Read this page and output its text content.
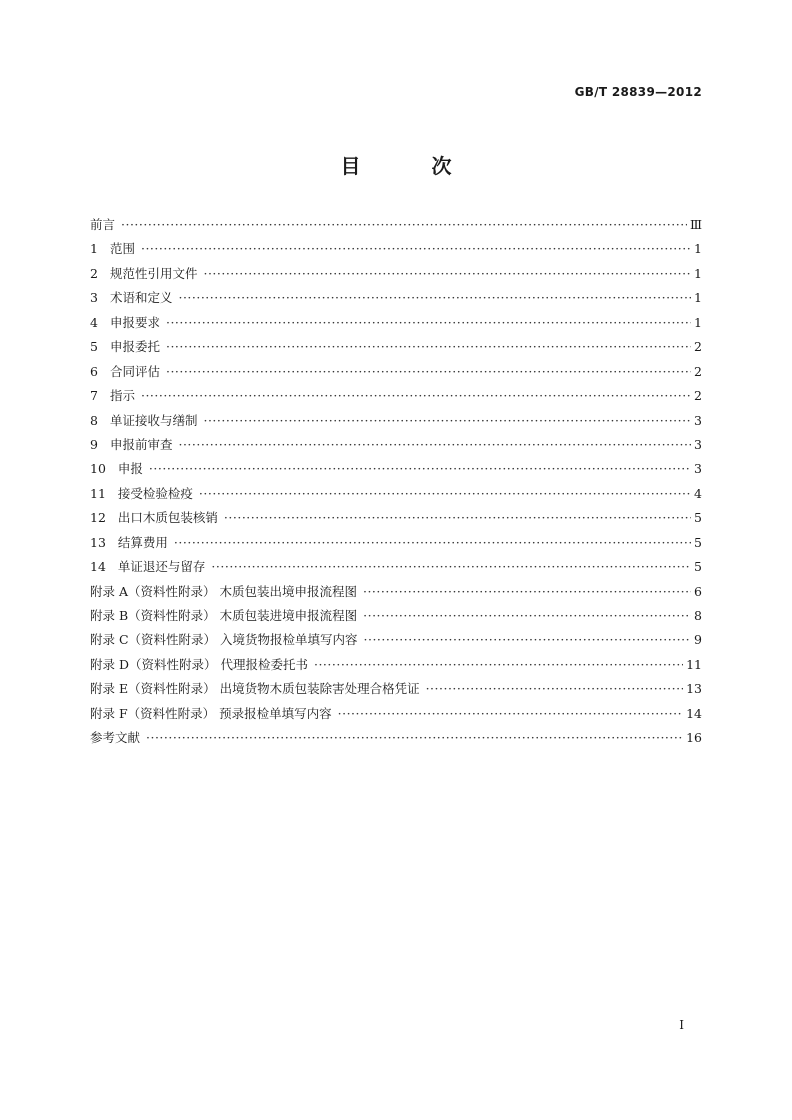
GB/T 28839—2012
目 次
前言 ·····	Ⅲ
1 范围 ·····	1
2 规范性引用文件 ·····	1
3 术语和定义 ·····	1
4 申报要求 ·····	1
5 申报委托 ·····	2
6 合同评估 ·····	2
7 指示 ·····	2
8 单证接收与缮制 ·····	3
9 申报前审查 ·····	3
10 申报 ·····	3
11 接受检验检疫 ·····	4
12 出口木质包装核销 ·····	5
13 结算费用 ·····	5
14 单证退还与留存 ·····	5
附录 A（资料性附录） 木质包装出境申报流程图 ·····	6
附录 B（资料性附录） 木质包装进境申报流程图 ·····	8
附录 C（资料性附录） 入境货物报检单填写内容 ·····	9
附录 D（资料性附录） 代理报检委托书 ·····	11
附录 E（资料性附录） 出境货物木质包装除害处理合格凭证 ·····	13
附录 F（资料性附录） 预录报检单填写内容 ·····	14
参考文献 ·····	16
I
